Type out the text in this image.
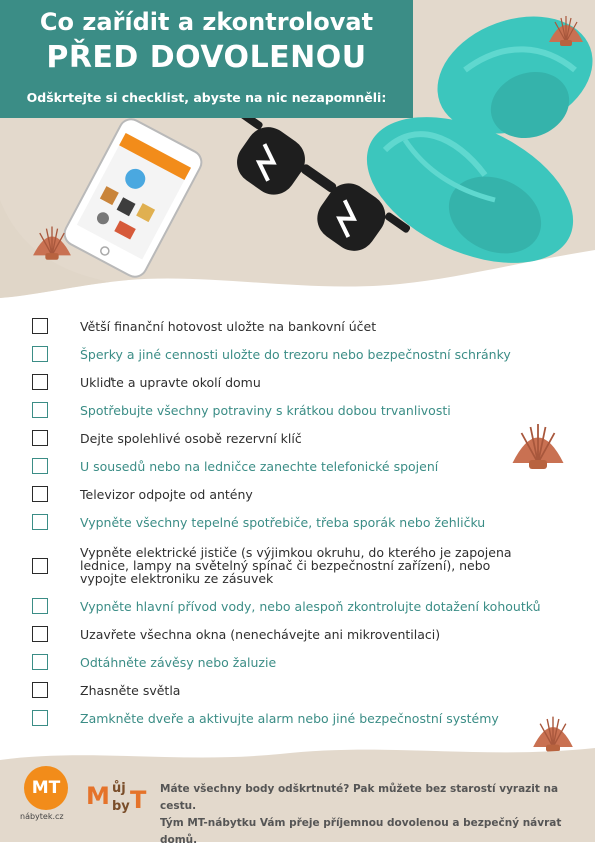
Co zařídit a zkontrolovat
PŘED DOVOLENOU
Odškrtejte si checklist, abyste na nic nezapomněli:
Větší finanční hotovost uložte na bankovní účet
Šperky a jiné cennosti uložte do trezoru nebo bezpečnostní schránky
Ukliďte a upravte okolí domu
Spotřebujte všechny potraviny s krátkou dobou trvanlivosti
Dejte spolehlivé osobě rezervní klíč
U sousedů nebo na ledničce zanechte telefonické spojení
Televizor odpojte od antény
Vypněte všechny tepelné spotřebiče, třeba sporák nebo žehličku
Vypněte elektrické jističe (s výjimkou okruhu, do kterého je zapojena lednice, lampy na světelný spínač či bezpečnostní zařízení), nebo vypojte elektroniku ze zásuvek
Vypněte hlavní přívod vody, nebo alespoň zkontrolujte dotažení kohoutků
Uzavřete všechna okna (nenechávejte ani mikroventilaci)
Odtáhněte závěsy nebo žaluzie
Zhasněte světla
Zamkněte dveře a aktivujte alarm nebo jiné bezpečnostní systémy
MT
nábytek.cz
M ůj
by T Máte všechny body odškrtnuté? Pak můžete bez starostí vyrazit na cestu.
Tým MT-nábytku Vám přeje příjemnou dovolenou a bezpečný návrat domů.
